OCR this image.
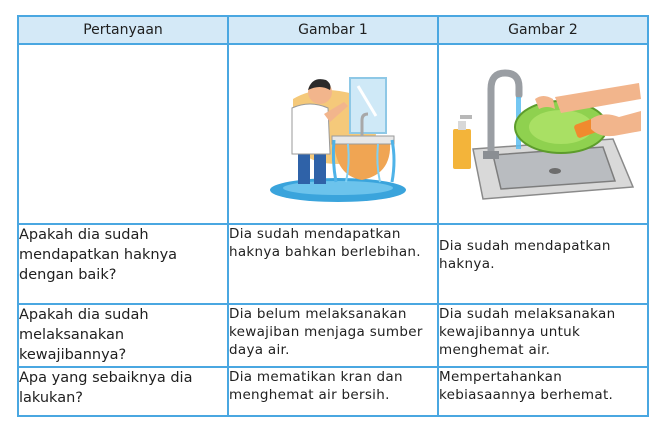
Pertanyaan	Gambar 1	Gambar 2

Apakah dia sudah mendapatkan haknya dengan baik?	Dia sudah mendapatkan haknya bahkan berlebihan.	Dia sudah mendapatkan haknya.
Apakah dia sudah melaksanakan kewajibannya?	Dia belum melaksanakan kewajiban menjaga sumber daya air.	Dia sudah melaksanakan kewajibannya untuk menghemat air.
Apa yang sebaiknya dia lakukan?	Dia mematikan kran dan menghemat air bersih.	Mempertahankan kebiasaannya berhemat.
